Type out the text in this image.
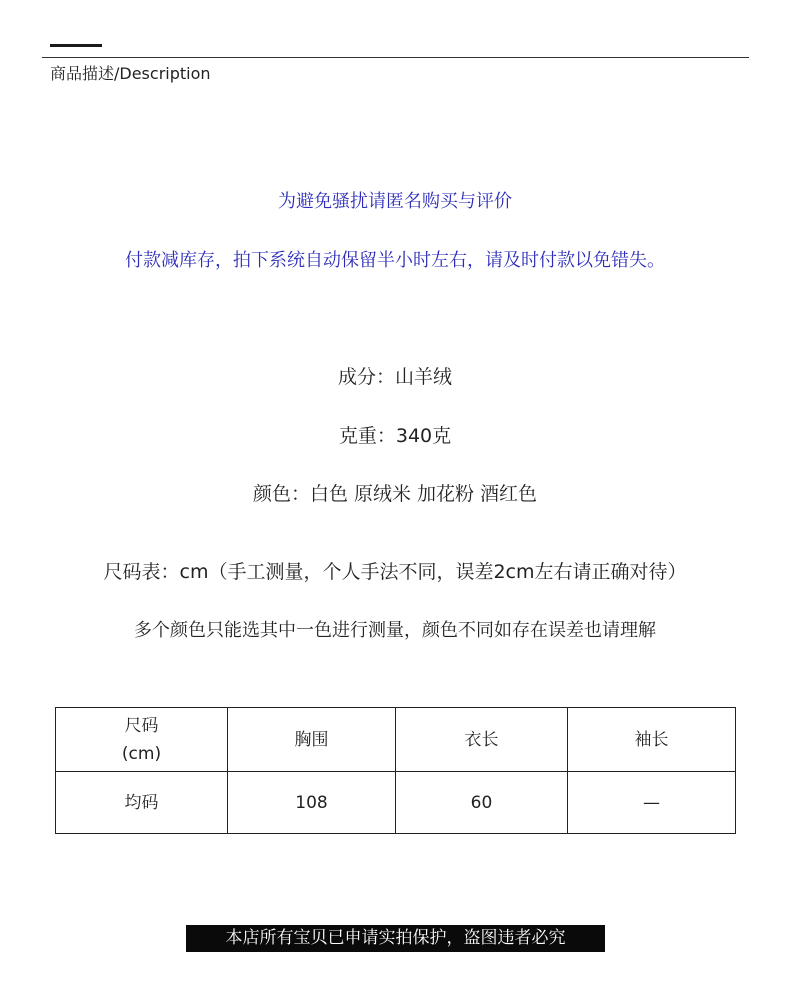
商品描述/Description
为避免骚扰请匿名购买与评价
付款减库存，拍下系统自动保留半小时左右，请及时付款以免错失。
成分：山羊绒
克重：340克
颜色：白色 原绒米 加花粉 酒红色
尺码表：cm（手工测量，个人手法不同，误差2cm左右请正确对待）
多个颜色只能选其中一色进行测量，颜色不同如存在误差也请理解
尺码
(cm)	胸围	衣长	袖长
均码	108	60	—
本店所有宝贝已申请实拍保护，盗图违者必究
